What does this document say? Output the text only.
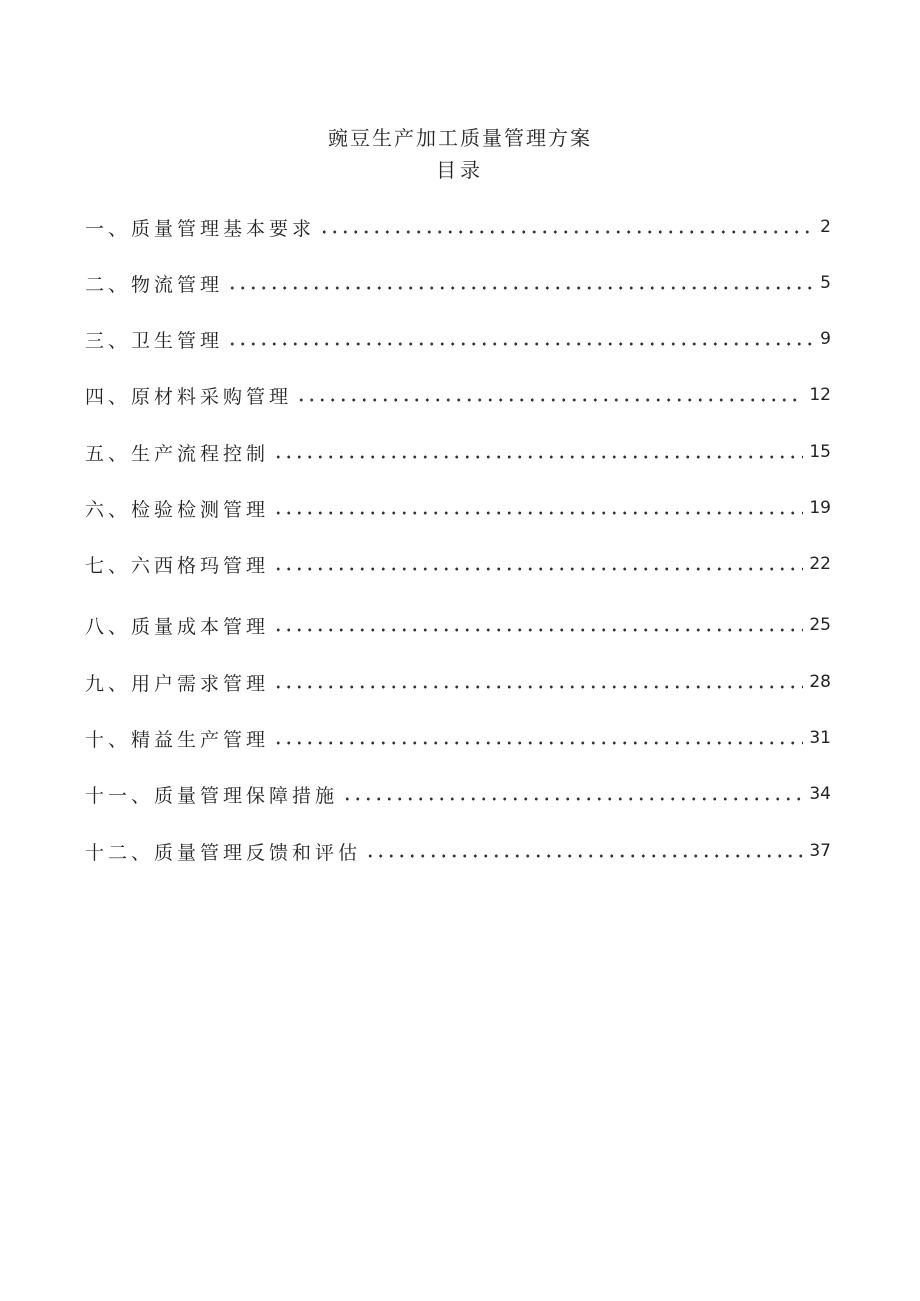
豌豆生产加工质量管理方案
目录
一、质量管理基本要求	2
二、物流管理	5
三、卫生管理	9
四、原材料采购管理	12
五、生产流程控制	15
六、检验检测管理	19
七、六西格玛管理	22
八、质量成本管理	25
九、用户需求管理	28
十、精益生产管理	31
十一、质量管理保障措施	34
十二、质量管理反馈和评估	37
